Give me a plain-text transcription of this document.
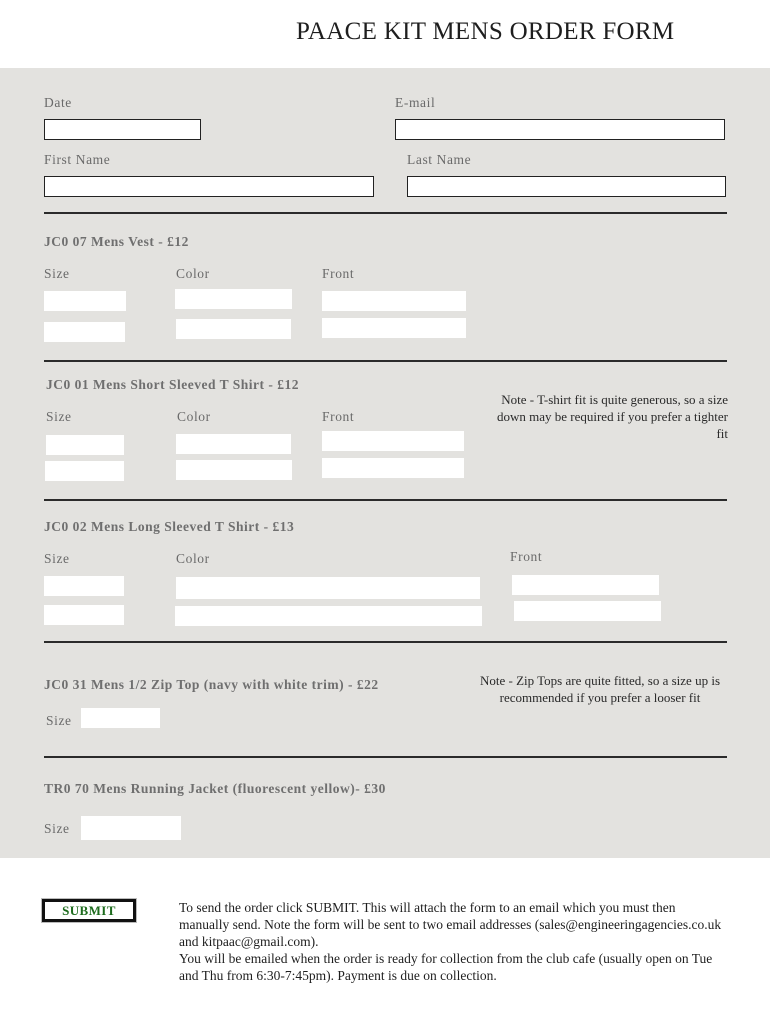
PAACE KIT MENS ORDER FORM
Date	E-mail
First Name	Last Name
JC0 07 Mens Vest - £12
Size	Color	Front
JC0 01 Mens Short Sleeved T Shirt - £12
Size	Color	Front
Note - T-shirt fit is quite generous, so a size down may be required if you prefer a tighter fit
JC0 02 Mens Long Sleeved T Shirt - £13
Size	Color	Front
JC0 31 Mens 1/2 Zip Top (navy with white trim) - £22	Note - Zip Tops are quite fitted, so a size up is recommended if you prefer a looser fit
Size
TR0 70 Mens Running Jacket (fluorescent yellow)- £30
Size
SUBMIT	To send the order click SUBMIT. This will attach the form to an email which you must then manually send. Note the form will be sent to two email addresses (sales@engineeringagencies.co.uk and kitpaac@gmail.com).

You will be emailed when the order is ready for collection from the club cafe (usually open on Tue and Thu from 6:30-7:45pm). Payment is due on collection.
